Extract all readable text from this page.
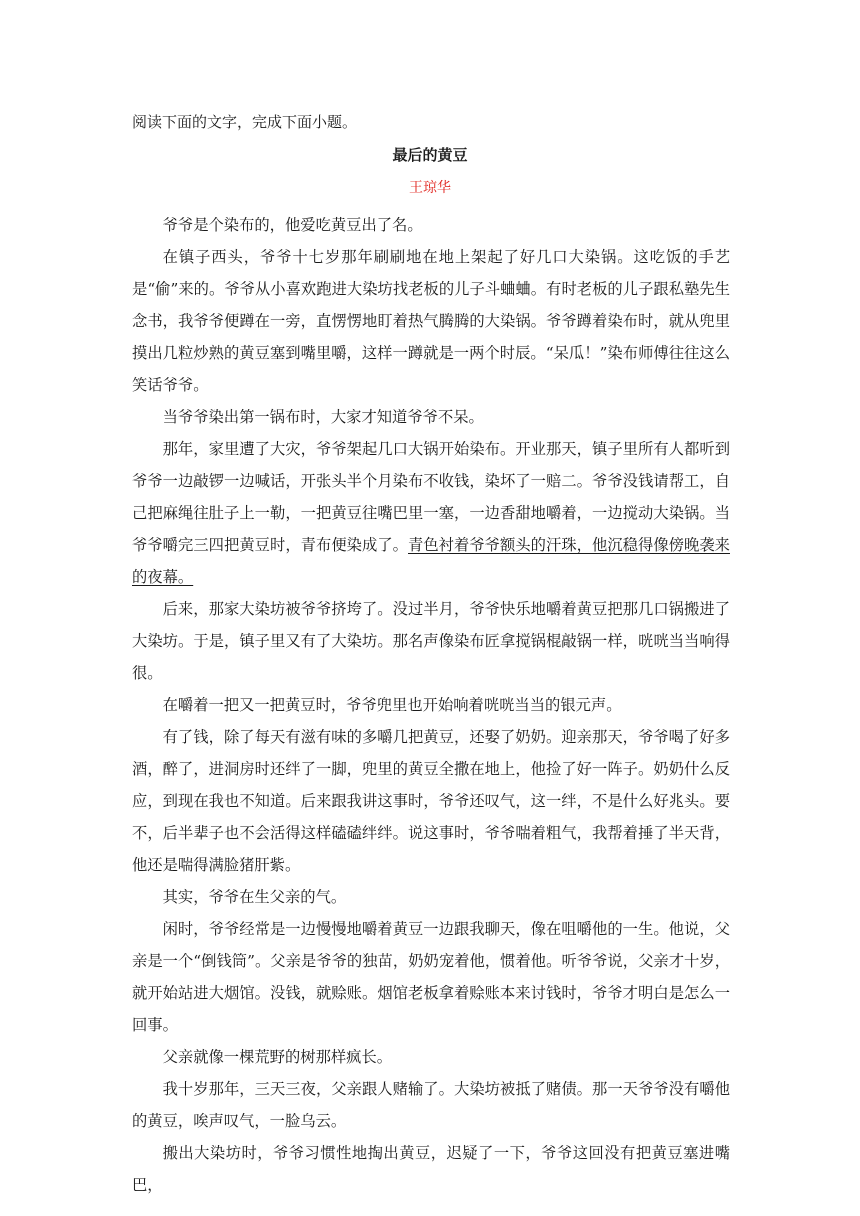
阅读下面的文字，完成下面小题。
最后的黄豆
王琼华

爷爷是个染布的，他爱吃黄豆出了名。

在镇子西头，爷爷十七岁那年刷刷地在地上架起了好几口大染锅。这吃饭的手艺是“偷”来的。爷爷从小喜欢跑进大染坊找老板的儿子斗蛐蛐。有时老板的儿子跟私塾先生念书，我爷爷便蹲在一旁，直愣愣地盯着热气腾腾的大染锅。爷爷蹲着染布时，就从兜里摸出几粒炒熟的黄豆塞到嘴里嚼，这样一蹲就是一两个时辰。“呆瓜！”染布师傅往往这么笑话爷爷。

当爷爷染出第一锅布时，大家才知道爷爷不呆。

那年，家里遭了大灾，爷爷架起几口大锅开始染布。开业那天，镇子里所有人都听到爷爷一边敲锣一边喊话，开张头半个月染布不收钱，染坏了一赔二。爷爷没钱请帮工，自己把麻绳往肚子上一勒，一把黄豆往嘴巴里一塞，一边香甜地嚼着，一边搅动大染锅。当爷爷嚼完三四把黄豆时，青布便染成了。青色衬着爷爷额头的汗珠，他沉稳得像傍晚袭来的夜幕。

后来，那家大染坊被爷爷挤垮了。没过半月，爷爷快乐地嚼着黄豆把那几口锅搬进了大染坊。于是，镇子里又有了大染坊。那名声像染布匠拿搅锅棍敲锅一样，咣咣当当响得很。

在嚼着一把又一把黄豆时，爷爷兜里也开始响着咣咣当当的银元声。

有了钱，除了每天有滋有味的多嚼几把黄豆，还娶了奶奶。迎亲那天，爷爷喝了好多酒，醉了，进洞房时还绊了一脚，兜里的黄豆全撒在地上，他捡了好一阵子。奶奶什么反应，到现在我也不知道。后来跟我讲这事时，爷爷还叹气，这一绊，不是什么好兆头。要不，后半辈子也不会活得这样磕磕绊绊。说这事时，爷爷喘着粗气，我帮着捶了半天背，他还是喘得满脸猪肝紫。

其实，爷爷在生父亲的气。

闲时，爷爷经常是一边慢慢地嚼着黄豆一边跟我聊天，像在咀嚼他的一生。他说，父亲是一个“倒钱筒”。父亲是爷爷的独苗，奶奶宠着他，惯着他。听爷爷说，父亲才十岁，就开始站进大烟馆。没钱，就赊账。烟馆老板拿着赊账本来讨钱时，爷爷才明白是怎么一回事。

父亲就像一棵荒野的树那样疯长。

我十岁那年，三天三夜，父亲跟人赌输了。大染坊被抵了赌债。那一天爷爷没有嚼他的黄豆，唉声叹气，一脸乌云。

搬出大染坊时，爷爷习惯性地掏出黄豆，迟疑了一下，爷爷这回没有把黄豆塞进嘴巴，
